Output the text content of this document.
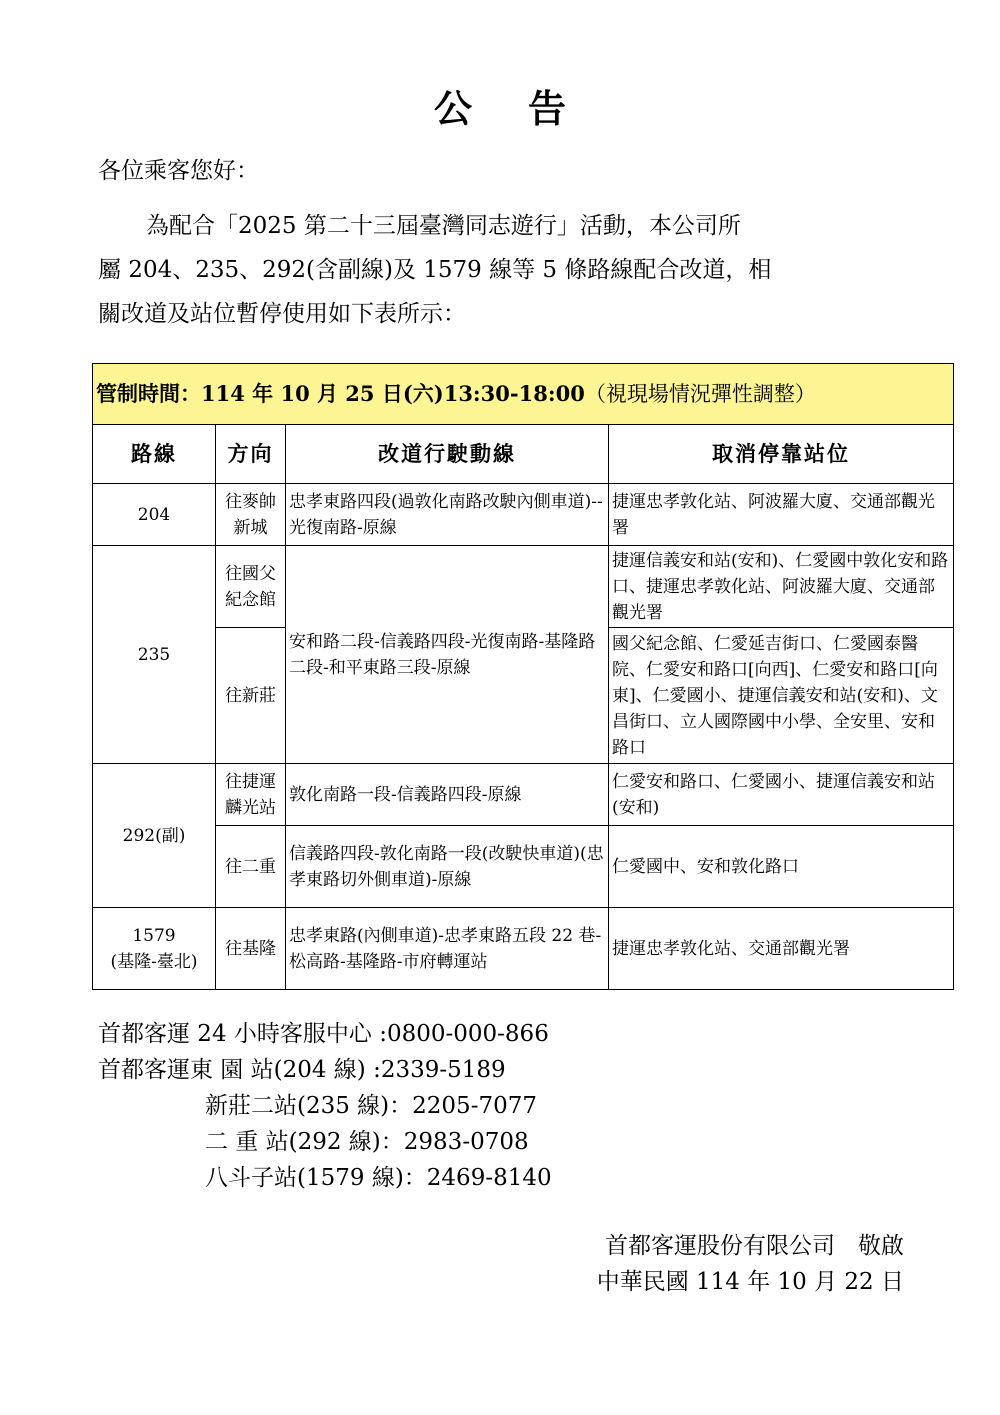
公告
各位乘客您好：

為配合「2025 第二十三屆臺灣同志遊行」活動，本公司所

屬 204、235、292(含副線)及 1579 線等 5 條路線配合改道，相

關改道及站位暫停使用如下表所示：

管制時間：114 年 10 月 25 日(六)13:30-18:00（視現場情況彈性調整）			
路線	方向	改道行駛動線	取消停靠站位
204	往麥帥新城	忠孝東路四段(過敦化南路改駛內側車道)--光復南路-原線	捷運忠孝敦化站、阿波羅大廈、交通部觀光署
235	往國父紀念館	安和路二段-信義路四段-光復南路-基隆路二段-和平東路三段-原線	捷運信義安和站(安和)、仁愛國中敦化安和路口、捷運忠孝敦化站、阿波羅大廈、交通部觀光署
	往新莊		國父紀念館、仁愛延吉街口、仁愛國泰醫院、仁愛安和路口[向西]、仁愛安和路口[向東]、仁愛國小、捷運信義安和站(安和)、文昌街口、立人國際國中小學、全安里、安和路口
292(副)	往捷運麟光站	敦化南路一段-信義路四段-原線	仁愛安和路口、仁愛國小、捷運信義安和站(安和)
	往二重	信義路四段-敦化南路一段(改駛快車道)(忠孝東路切外側車道)-原線	仁愛國中、安和敦化路口

1579
(基隆-臺北)	往基隆	忠孝東路(內側車道)-忠孝東路五段 22 巷-松高路-基隆路-市府轉運站	捷運忠孝敦化站、交通部觀光署
首都客運 24 小時客服中心 :0800-000-866
首都客運東 園 站(204 線) :2339-5189
新莊二站(235 線)：2205-7077
二 重 站(292 線)：2983-0708
八斗子站(1579 線)：2469-8140
首都客運股份有限公司　敬啟
中華民國 114 年 10 月 22 日
